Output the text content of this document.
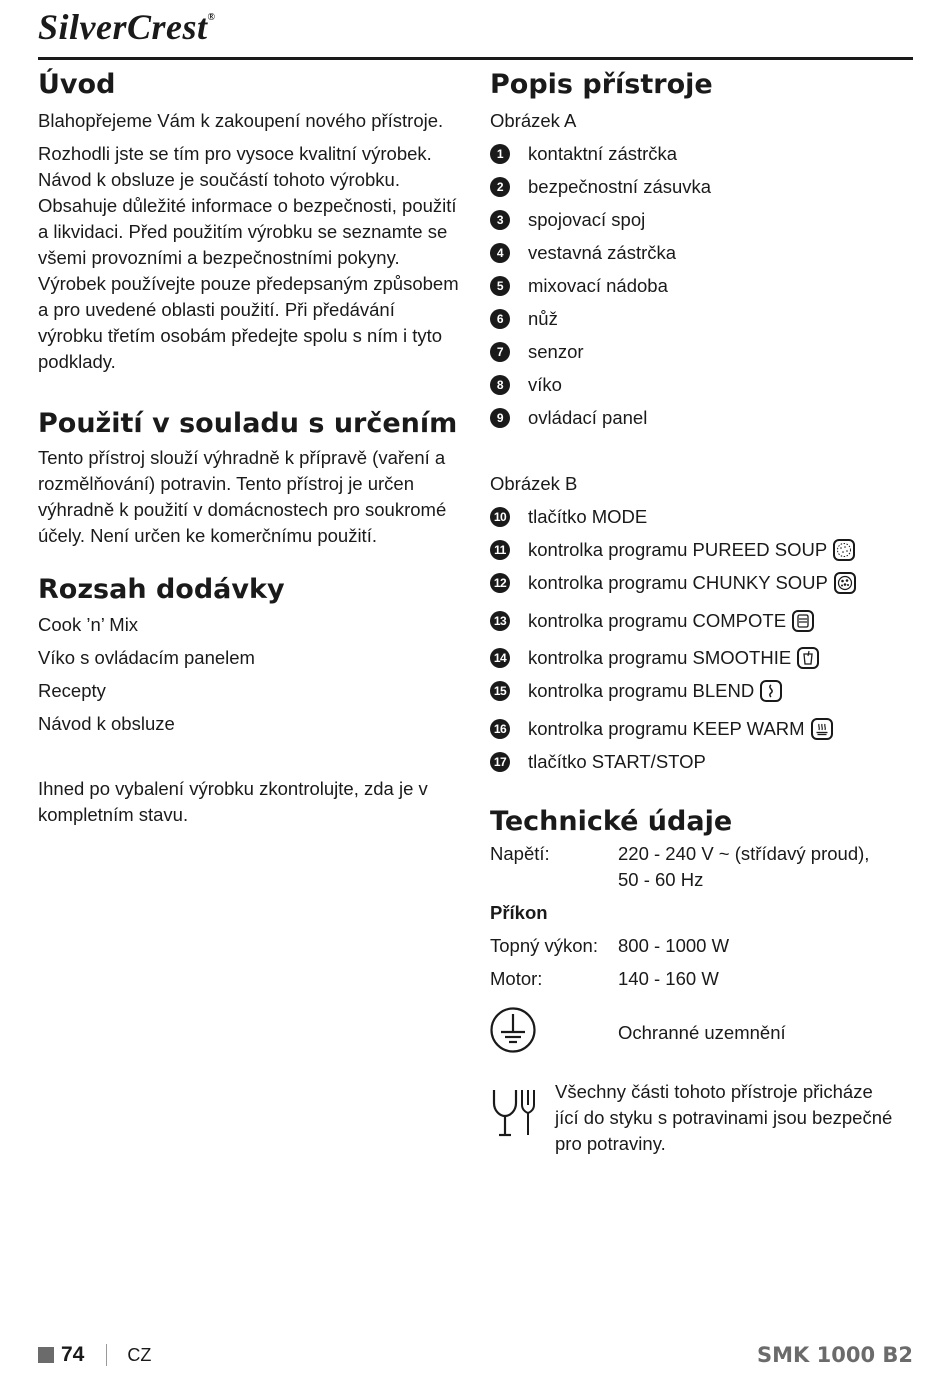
SilverCrest®
Úvod

Blahopřejeme Vám k zakoupení nového přístroje.

Rozhodli jste se tím pro vysoce kvalitní výrobek. Návod k obsluze je součástí tohoto výrobku. Obsahuje důležité informace o bezpečnosti, použití a likvidaci. Před použitím výrobku se seznamte se všemi provozními a bezpečnostními pokyny. Výrobek používejte pouze předepsaným způsobem a pro uvedené oblasti použití. Při předávání výrobku třetím osobám předejte spolu s ním i tyto podklady.

Použití v souladu s určením

Tento přístroj slouží výhradně k přípravě (vaření a rozmělňování) potravin. Tento přístroj je určen výhradně k použití v domácnostech pro soukromé účely. Není určen ke komerčnímu použití.

Rozsah dodávky
Cook ’n’ Mix
Víko s ovládacím panelem
Recepty
Návod k obsluze

Ihned po vybalení výrobku zkontrolujte, zda je v kompletním stavu.

Popis přístroje

Obrázek A

1	kontaktní zástrčka
2	bezpečnostní zásuvka
3	spojovací spoj
4	vestavná zástrčka
5	mixovací nádoba
6	nůž
7	senzor
8	víko
9	ovládací panel

Obrázek B

10 tlačítko MODE
11 kontrolka programu PUREED SOUP
12 kontrolka programu CHUNKY SOUP
13 kontrolka programu COMPOTE
14 kontrolka programu SMOOTHIE
15 kontrolka programu BLEND
16 kontrolka programu KEEP WARM
17 tlačítko START/STOP
Technické údaje
Napětí:	220 - 240 V ~ (střídavý proud),
50 - 60 Hz
Příkon
Topný výkon:	800 - 1000 W
Motor:	140 - 160 W
Ochranné uzemnění
Všechny části tohoto přístroje přicháze jící do styku s potravinami jsou bezpečné pro potraviny.
74 CZ	SMK 1000 B2
